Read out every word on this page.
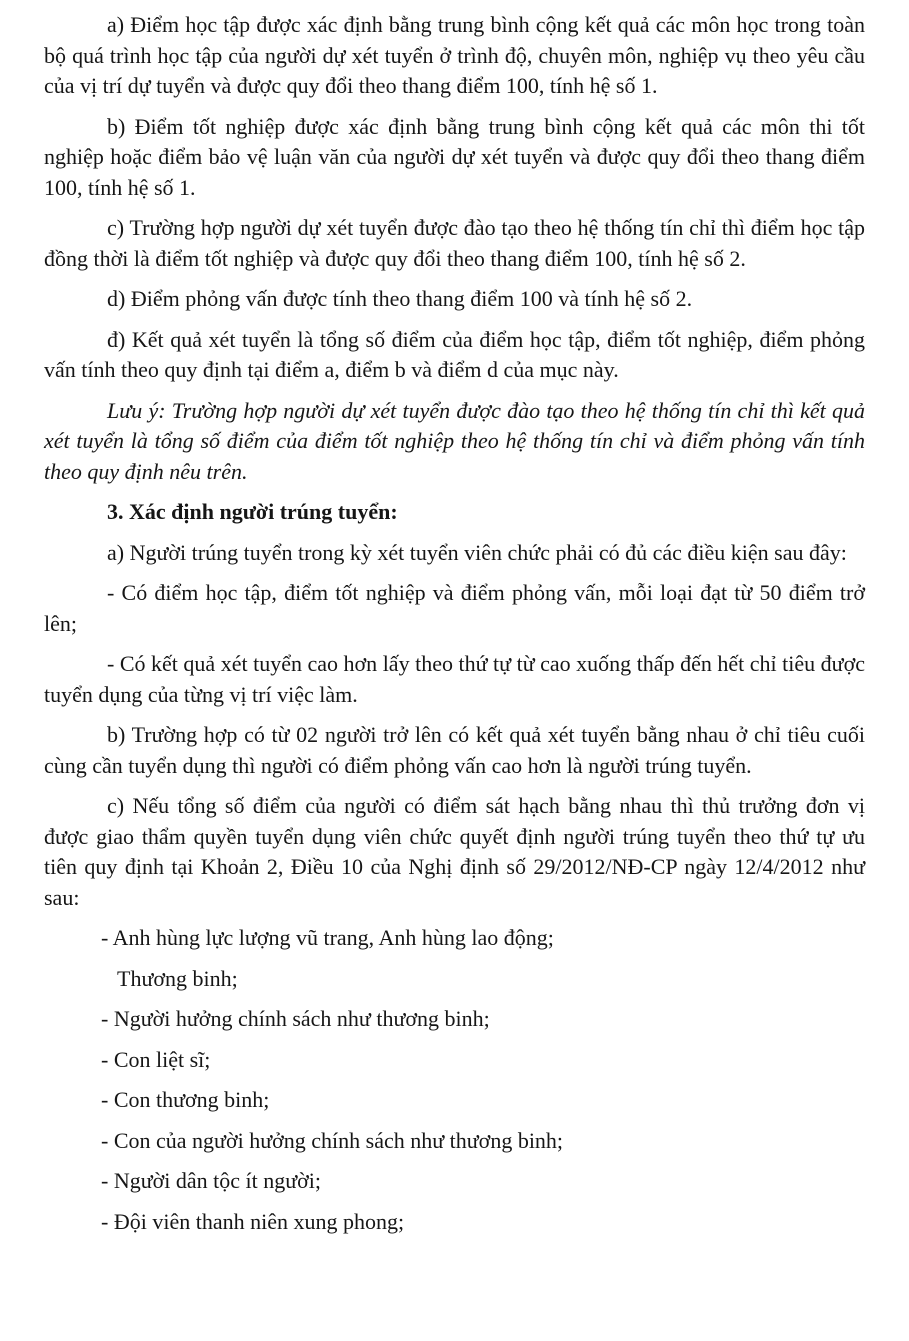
a) Điểm học tập được xác định bằng trung bình cộng kết quả các môn học trong toàn bộ quá trình học tập của người dự xét tuyển ở trình độ, chuyên môn, nghiệp vụ theo yêu cầu của vị trí dự tuyển và được quy đổi theo thang điểm 100, tính hệ số 1.

b) Điểm tốt nghiệp được xác định bằng trung bình cộng kết quả các môn thi tốt nghiệp hoặc điểm bảo vệ luận văn của người dự xét tuyển và được quy đổi theo thang điểm 100, tính hệ số 1.

c) Trường hợp người dự xét tuyển được đào tạo theo hệ thống tín chỉ thì điểm học tập đồng thời là điểm tốt nghiệp và được quy đổi theo thang điểm 100, tính hệ số 2.

d) Điểm phỏng vấn được tính theo thang điểm 100 và tính hệ số 2.

đ) Kết quả xét tuyển là tổng số điểm của điểm học tập, điểm tốt nghiệp, điểm phỏng vấn tính theo quy định tại điểm a, điểm b và điểm d của mục này.

Lưu ý: Trường hợp người dự xét tuyển được đào tạo theo hệ thống tín chỉ thì kết quả xét tuyển là tổng số điểm của điểm tốt nghiệp theo hệ thống tín chỉ và điểm phỏng vấn tính theo quy định nêu trên.

3. Xác định người trúng tuyển:

a) Người trúng tuyển trong kỳ xét tuyển viên chức phải có đủ các điều kiện sau đây:

- Có điểm học tập, điểm tốt nghiệp và điểm phỏng vấn, mỗi loại đạt từ 50 điểm trở lên;

- Có kết quả xét tuyển cao hơn lấy theo thứ tự từ cao xuống thấp đến hết chỉ tiêu được tuyển dụng của từng vị trí việc làm.

b) Trường hợp có từ 02 người trở lên có kết quả xét tuyển bằng nhau ở chỉ tiêu cuối cùng cần tuyển dụng thì người có điểm phỏng vấn cao hơn là người trúng tuyển.

c) Nếu tổng số điểm của người có điểm sát hạch bằng nhau thì thủ trưởng đơn vị được giao thẩm quyền tuyển dụng viên chức quyết định người trúng tuyển theo thứ tự ưu tiên quy định tại Khoản 2, Điều 10 của Nghị định số 29/2012/NĐ-CP ngày 12/4/2012 như sau:

- Anh hùng lực lượng vũ trang, Anh hùng lao động;
Thương binh;
- Người hưởng chính sách như thương binh;
- Con liệt sĩ;
- Con thương binh;
- Con của người hưởng chính sách như thương binh;
- Người dân tộc ít người;
- Đội viên thanh niên xung phong;
